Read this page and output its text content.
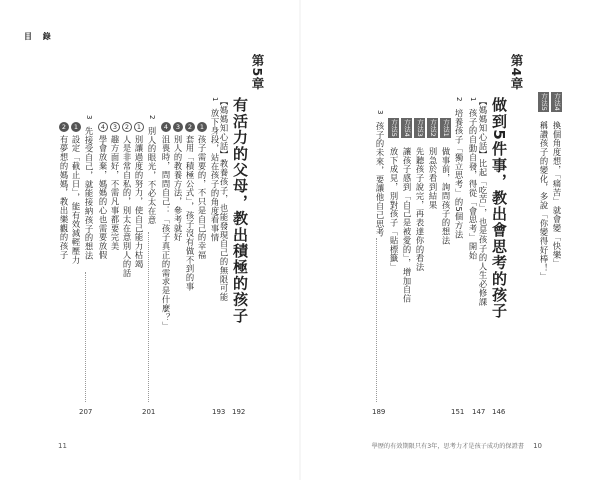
目 錄
第5章
有活力的父母，教出積極的孩子
192
【媽媽知心話】教養孩子，也能發現自己的無限可能
1 放下身段，站在孩子的角度看事情
193
1孩子需要的，不只是自己的幸福
2套用「積極公式」，孩子沒有做不到的事
3別人的教養方法，參考就好
4沮喪時，問問自己：「孩子真正的需求是什麼？」
2 別人的眼光，不必太在意
201
1別讓過度的努力，使自己能力枯竭
2人是非常自私的，別太在意別人的話
3趣方面好，不需凡事都要完美
4學會放棄，媽媽的心也需要放假
3 先接受自己，就能接納孩子的想法
207
1設定「截止日」，能有效減輕壓力
2有夢想的媽媽，教出樂觀的孩子
11
方法4 換個角度想，「痛苦」就會變「快樂」
方法5 稱讚孩子的變化，多說「你變得好棒！」
第4章
做到5件事，教出會思考的孩子
146
【媽媽知心話】比起「吃苦」，也是孩子的人生必修課
1 孩子的自動自發，得從「會思考」開始
147
2 培養孩子「獨立思考」的5個方法
151
方法1 做事前，詢問孩子的想法
方法2 別急於看到結果
方法3 先聽孩子說完，再表達你的看法
方法4 讓孩子感到「自己是被愛的」，增加自信
方法5 放下成見，別對孩子「貼標籤」
3 孩子的未來，要讓他自己思考
189
學歷的有效期限只有3年，思考力才是孩子成功的保證書 10
